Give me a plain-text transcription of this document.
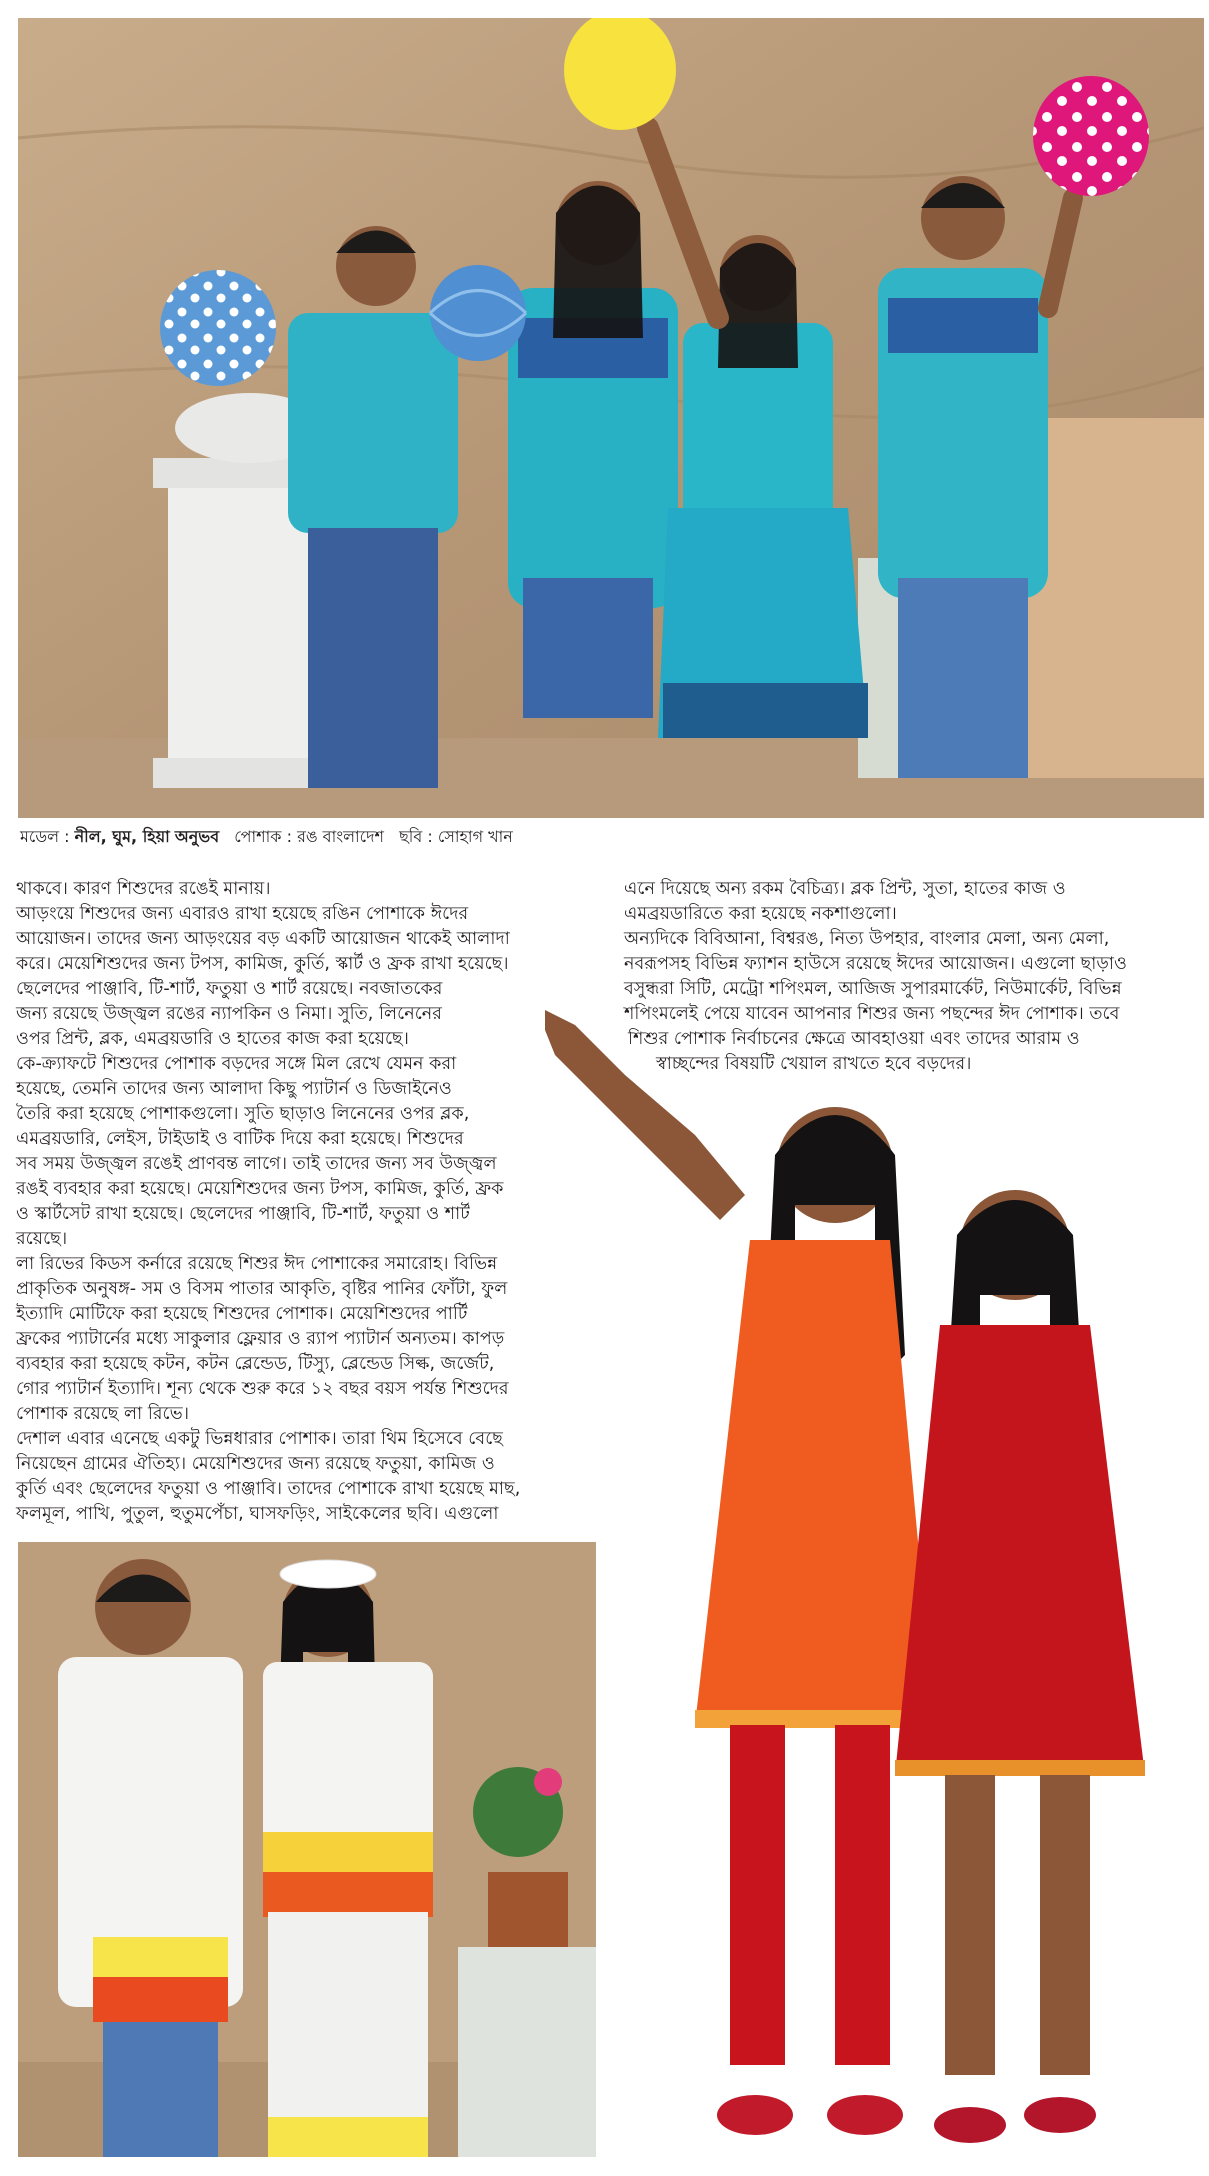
মডেল : নীল, ঘুম, হিয়া অনুভব পোশাক : রঙ বাংলাদেশ ছবি : সোহাগ খান

থাকবে। কারণ শিশুদের রঙেই মানায়।

আড়ংয়ে শিশুদের জন্য এবারও রাখা হয়েছে রঙিন পোশাকে ঈদের

আয়োজন। তাদের জন্য আড়ংয়ের বড় একটি আয়োজন থাকেই আলাদা

করে। মেয়েশিশুদের জন্য টপস, কামিজ, কুর্তি, স্কার্ট ও ফ্রক রাখা হয়েছে।

ছেলেদের পাঞ্জাবি, টি-শার্ট, ফতুয়া ও শার্ট রয়েছে। নবজাতকের

জন্য রয়েছে উজ্জ্বল রঙের ন্যাপকিন ও নিমা। সুতি, লিনেনের

ওপর প্রিন্ট, ব্লক, এমব্রয়ডারি ও হাতের কাজ করা হয়েছে।

কে-ক্র্যাফটে শিশুদের পোশাক বড়দের সঙ্গে মিল রেখে যেমন করা

হয়েছে, তেমনি তাদের জন্য আলাদা কিছু প্যাটার্ন ও ডিজাইনেও

তৈরি করা হয়েছে পোশাকগুলো। সুতি ছাড়াও লিনেনের ওপর ব্লক,

এমব্রয়ডারি, লেইস, টাইডাই ও বাটিক দিয়ে করা হয়েছে। শিশুদের

সব সময় উজ্জ্বল রঙেই প্রাণবন্ত লাগে। তাই তাদের জন্য সব উজ্জ্বল

রঙই ব্যবহার করা হয়েছে। মেয়েশিশুদের জন্য টপস, কামিজ, কুর্তি, ফ্রক

ও স্কার্টসেট রাখা হয়েছে। ছেলেদের পাঞ্জাবি, টি-শার্ট, ফতুয়া ও শার্ট

রয়েছে।

লা রিভের কিডস কর্নারে রয়েছে শিশুর ঈদ পোশাকের সমারোহ। বিভিন্ন

প্রাকৃতিক অনুষঙ্গ- সম ও বিসম পাতার আকৃতি, বৃষ্টির পানির ফোঁটা, ফুল

ইত্যাদি মোটিফে করা হয়েছে শিশুদের পোশাক। মেয়েশিশুদের পার্টি

ফ্রকের প্যাটার্নের মধ্যে সাকুলার ফ্লেয়ার ও র‍্যাপ প্যাটার্ন অন্যতম। কাপড়

ব্যবহার করা হয়েছে কটন, কটন ব্লেন্ডেড, টিস্যু, ব্লেন্ডেড সিল্ক, জর্জেট,

গোর প্যাটার্ন ইত্যাদি। শূন্য থেকে শুরু করে ১২ বছর বয়স পর্যন্ত শিশুদের

পোশাক রয়েছে লা রিভে।

দেশাল এবার এনেছে একটু ভিন্নধারার পোশাক। তারা থিম হিসেবে বেছে

নিয়েছেন গ্রামের ঐতিহ্য। মেয়েশিশুদের জন্য রয়েছে ফতুয়া, কামিজ ও

কুর্তি এবং ছেলেদের ফতুয়া ও পাঞ্জাবি। তাদের পোশাকে রাখা হয়েছে মাছ,

ফলমূল, পাখি, পুতুল, হুতুমপেঁচা, ঘাসফড়িং, সাইকেলের ছবি। এগুলো

এনে দিয়েছে অন্য রকম বৈচিত্র্য। ব্লক প্রিন্ট, সুতা, হাতের কাজ ও

এমব্রয়ডারিতে করা হয়েছে নকশাগুলো।

অন্যদিকে বিবিআনা, বিশ্বরঙ, নিত্য উপহার, বাংলার মেলা, অন্য মেলা,

নবরূপসহ বিভিন্ন ফ্যাশন হাউসে রয়েছে ঈদের আয়োজন। এগুলো ছাড়াও

বসুন্ধরা সিটি, মেট্রো শপিংমল, আজিজ সুপারমার্কেট, নিউমার্কেট, বিভিন্ন

শপিংমলেই পেয়ে যাবেন আপনার শিশুর জন্য পছন্দের ঈদ পোশাক। তবে

শিশুর পোশাক নির্বাচনের ক্ষেত্রে আবহাওয়া এবং তাদের আরাম ও

স্বাচ্ছন্দের বিষয়টি খেয়াল রাখতে হবে বড়দের।
